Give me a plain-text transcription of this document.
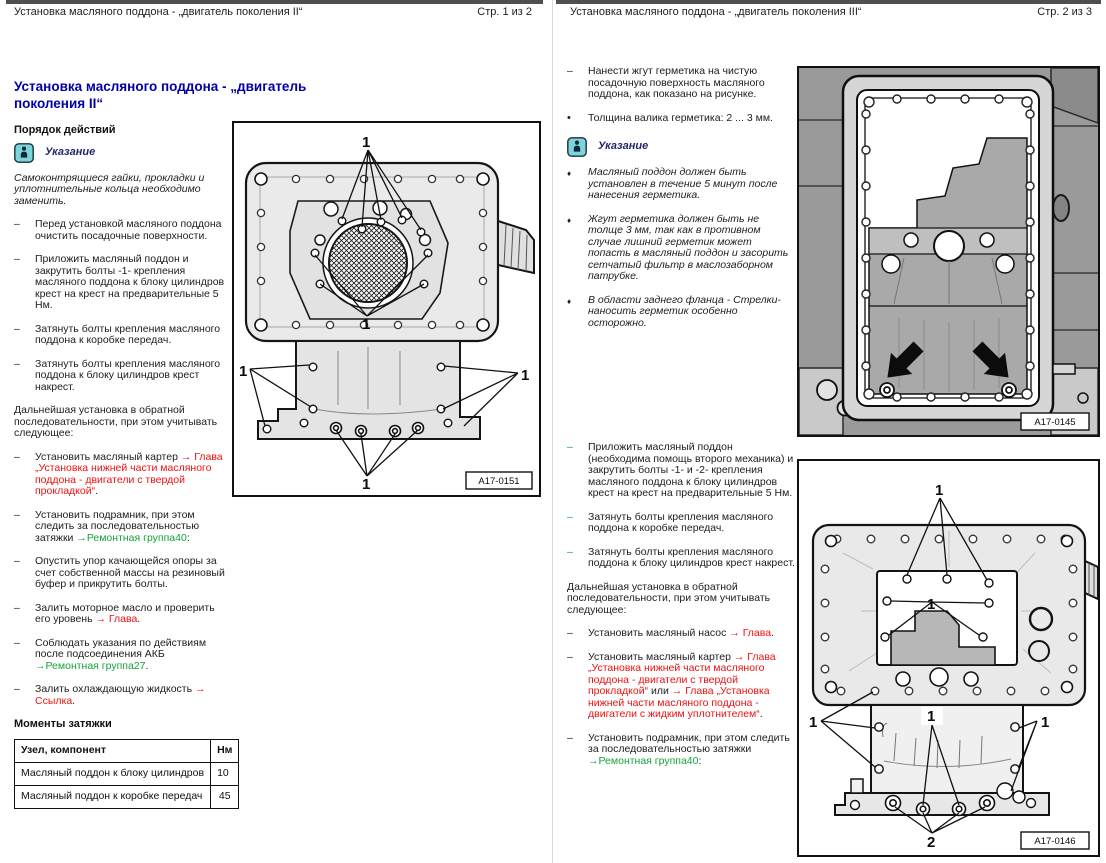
Установка масляного поддона - „двигатель поколения II“	Стр. 1 из 2
Установка масляного поддона - „двигатель поколения II“
Порядок действий
Указание

Самоконтрящиеся гайки, прокладки и уплотнительные кольца необходимо заменить.

–	Перед установкой масляного поддона очистить посадочные поверхности.
–	Приложить масляный поддон и закрутить болты -1- крепления масляного поддона к блоку цилиндров крест на крест на предварительные 5 Нм.
–	Затянуть болты крепления масляного поддона к коробке передач.
–	Затянуть болты крепления масляного поддона к блоку цилиндров крест накрест.

Дальнейшая установка в обратной последовательности, при этом учитывать следующее:

–	Установить масляный картер → Глава „Установка нижней части масляного поддона - двигатели с твердой прокладкой“.
–	Установить подрамник, при этом следить за последовательностью затяжки →Ремонтная группа40:
–	Опустить упор качающейся опоры за счет собственной массы на резиновый буфер и прикрутить болты.
–	Залить моторное масло и проверить его уровень → Глава.
–	Соблюдать указания по действиям после подсоединения АКБ →Ремонтная группа27.
–	Залить охлаждающую жидкость → Ссылка.
Моменты затяжки
Узел, компонент	Нм
Масляный поддон к блоку цилиндров	10
Масляный поддон к коробке передач	45
1
1
1	1
1	A17-0151
Установка масляного поддона - „двигатель поколения III“	Стр. 2 из 3
–	Нанести жгут герметика на чистую посадочную поверхность масляного поддона, как показано на рисунке.
•	Толщина валика герметика: 2 ... 3 мм.
Указание
♦	Масляный поддон должен быть установлен в течение 5 минут после нанесения герметика.
♦	Жгут герметика должен быть не толще 3 мм, так как в противном случае лишний герметик может попасть в масляный поддон и засорить сетчатый фильтр в маслозаборном патрубке.
♦	В области заднего фланца - Стрелки- наносить герметик особенно осторожно.
–	Приложить масляный поддон (необходима помощь второго механика) и закрутить болты -1- и -2- крепления масляного поддона к блоку цилиндров крест на крест на предварительные 5 Нм.
–	Затянуть болты крепления масляного поддона к коробке передач.
–	Затянуть болты крепления масляного поддона к блоку цилиндров крест накрест.

Дальнейшая установка в обратной последовательности, при этом учитывать следующее:

–	Установить масляный насос → Глава.
–	Установить масляный картер → Глава „Установка нижней части масляного поддона - двигатели с твердой прокладкой“ или → Глава „Установка нижней части масляного поддона - двигатели с жидким уплотнителем“.
–	Установить подрамник, при этом следить за последовательностью затяжки →Ремонтная группа40:
A17-0145
1
1
1
1	1
2	A17-0146
